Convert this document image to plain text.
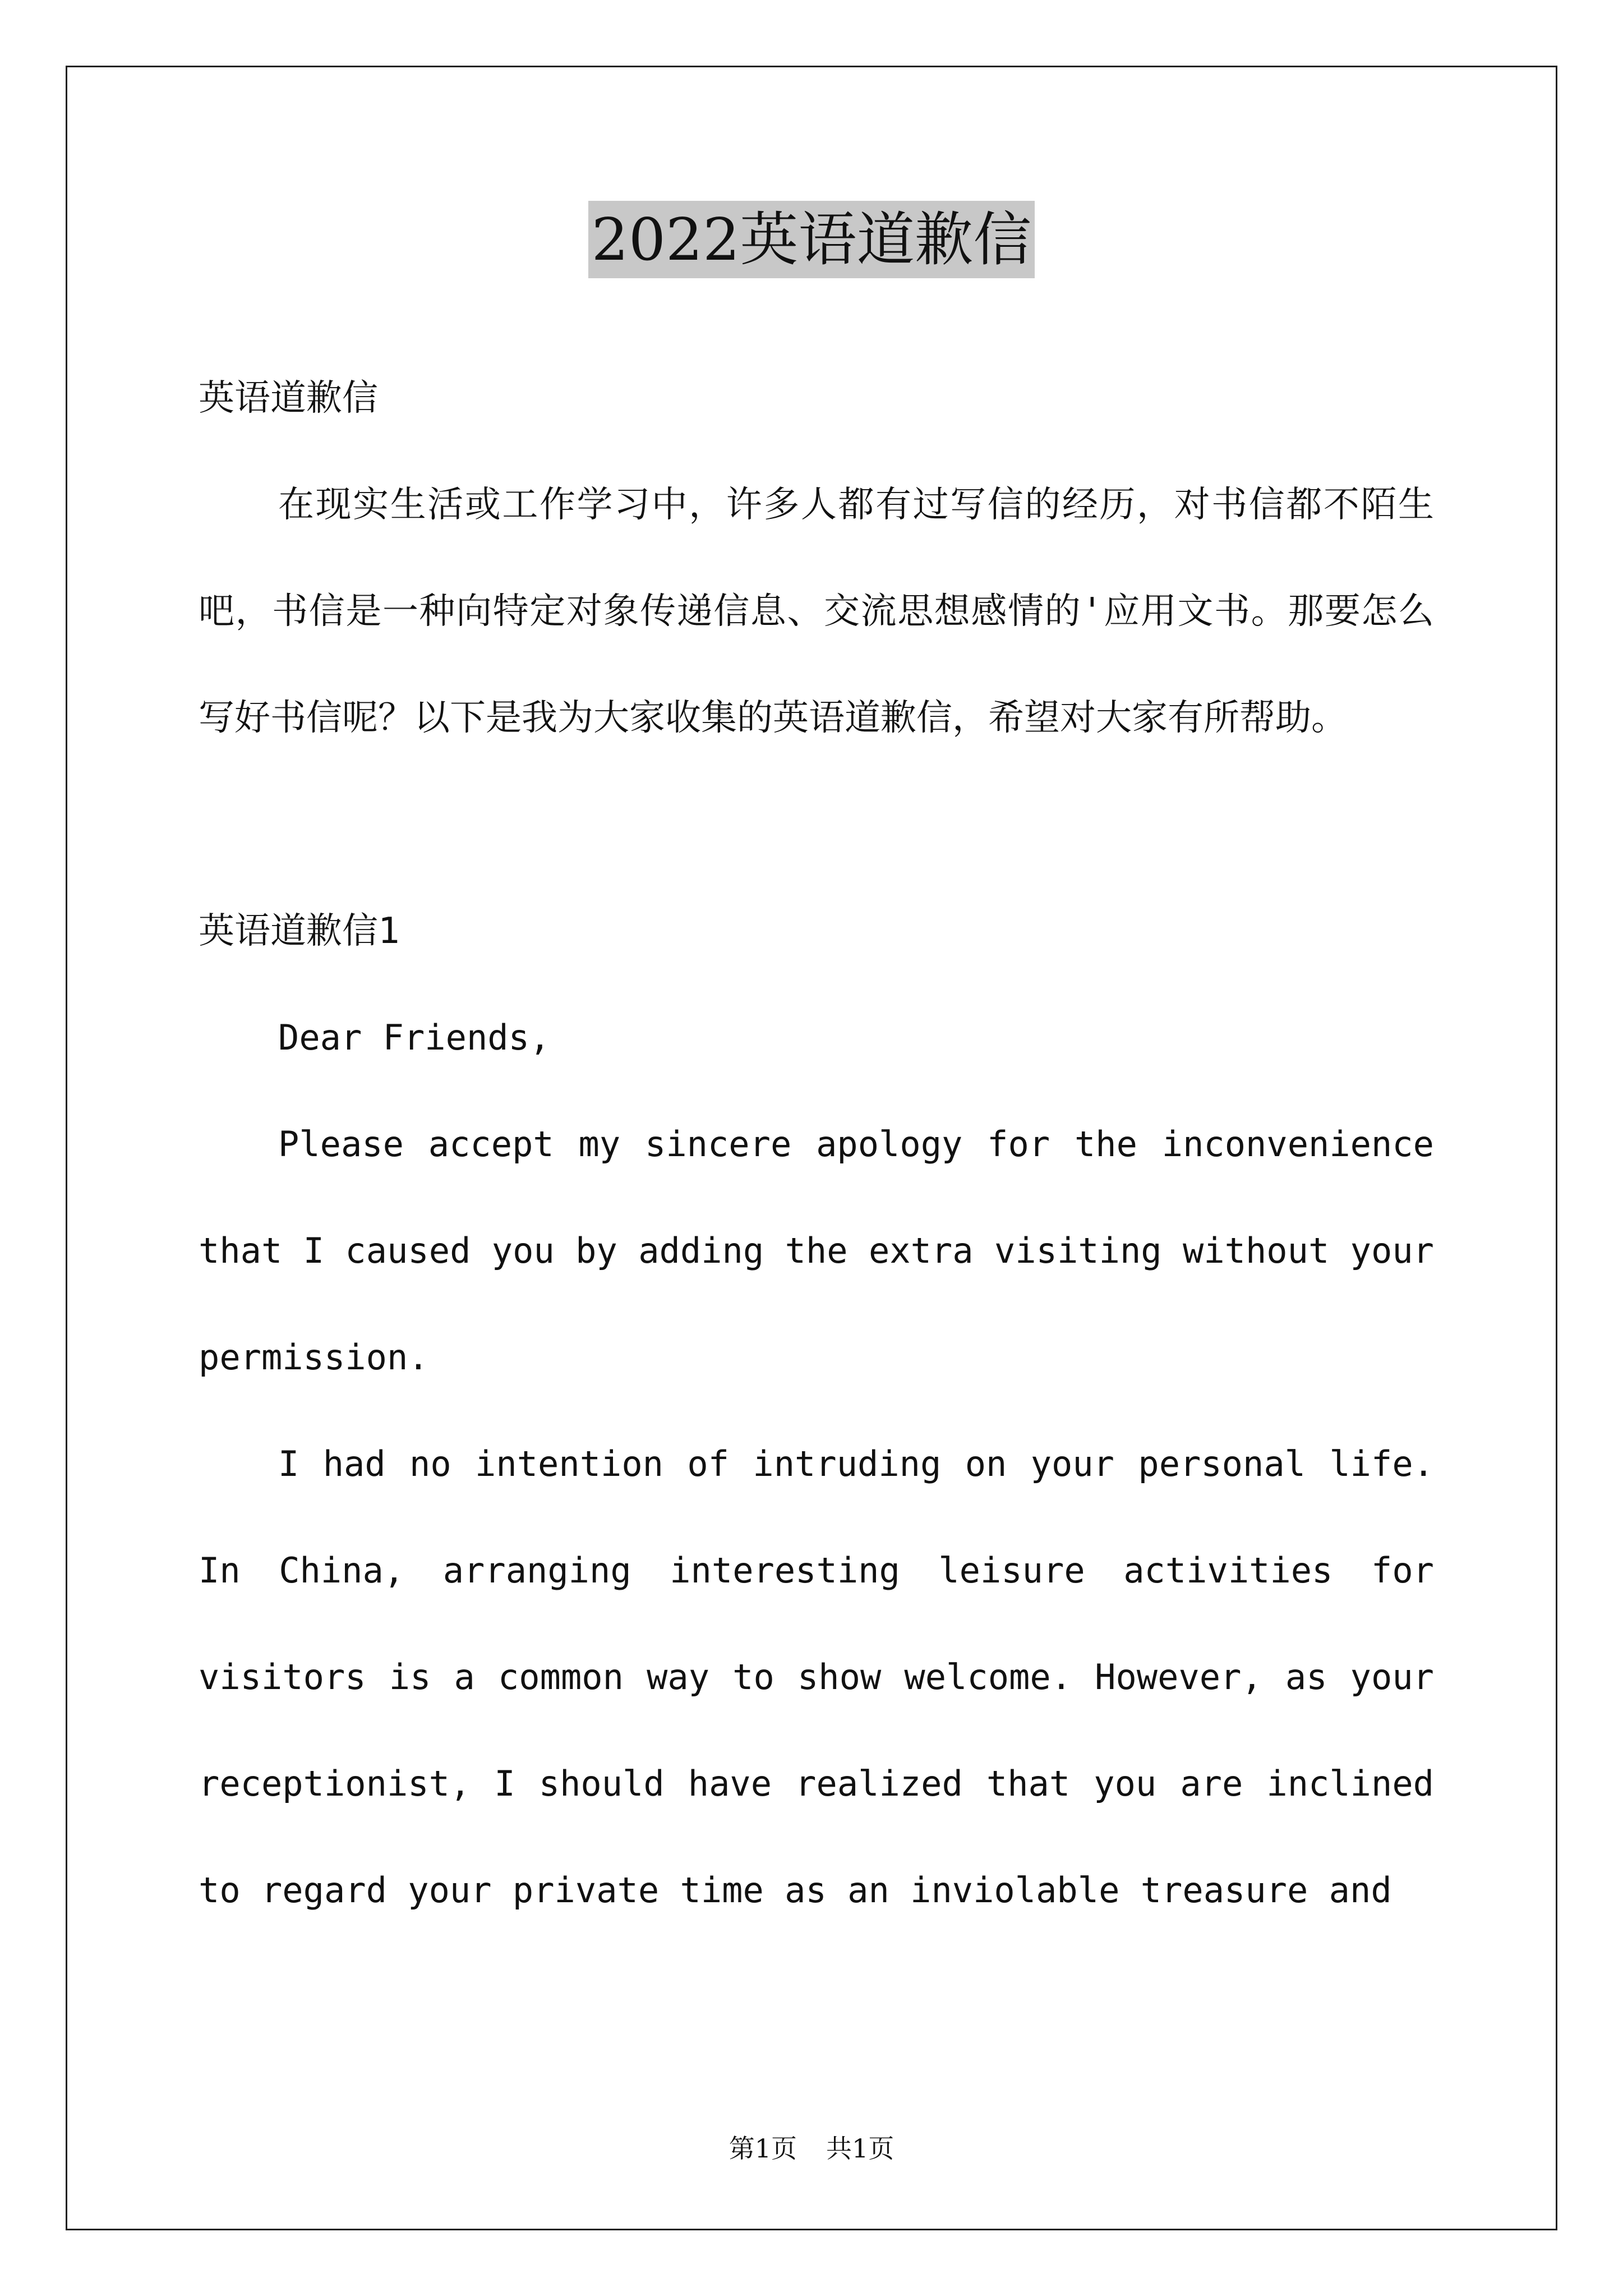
2022英语道歉信

英语道歉信

在现实生活或工作学习中，许多人都有过写信的经历，对书信都不陌生吧，书信是一种向特定对象传递信息、交流思想感情的'应用文书。那要怎么写好书信呢？以下是我为大家收集的英语道歉信，希望对大家有所帮助。

英语道歉信1

Dear Friends,

Please accept my sincere apology for the inconvenience that I caused you by adding the extra visiting without your permission.

I had no intention of intruding on your personal life. In China, arranging interesting leisure activities for visitors is a common way to show welcome. However, as your receptionist, I should have realized that you are inclined to regard your private time as an inviolable treasure and

第1页 共1页
